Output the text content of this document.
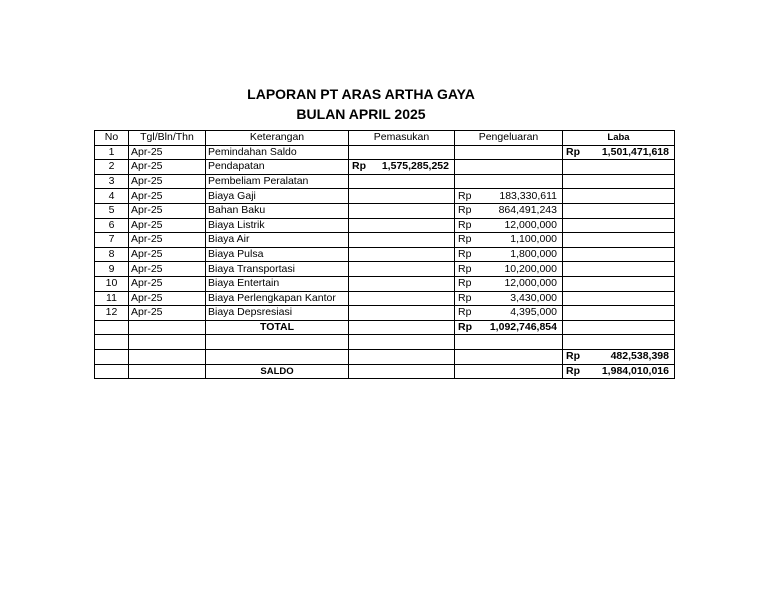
LAPORAN PT ARAS ARTHA GAYA
BULAN APRIL 2025
No	Tgl/Bln/Thn	Keterangan	Pemasukan	Pengeluaran	Laba
1	Apr-25	Pemindahan Saldo			Rp 1,501,471,618

2	Apr-25	Pendapatan	Rp 1,575,285,252		

3	Apr-25	Pembeliam Peralatan			
4	Apr-25	Biaya Gaji		Rp 183,330,611	

5	Apr-25	Bahan Baku		Rp 864,491,243	

6	Apr-25	Biaya Listrik		Rp 12,000,000	

7	Apr-25	Biaya Air		Rp 1,100,000	

8	Apr-25	Biaya Pulsa		Rp 1,800,000	

9	Apr-25	Biaya Transportasi		Rp 10,200,000	

10	Apr-25	Biaya Entertain		Rp 12,000,000	

11	Apr-25	Biaya Perlengkapan Kantor		Rp 3,430,000	

12	Apr-25	Biaya Depsresiasi		Rp 4,395,000	

		TOTAL		Rp 1,092,746,854	

					Rp 482,538,398

		SALDO			Rp 1,984,010,016
